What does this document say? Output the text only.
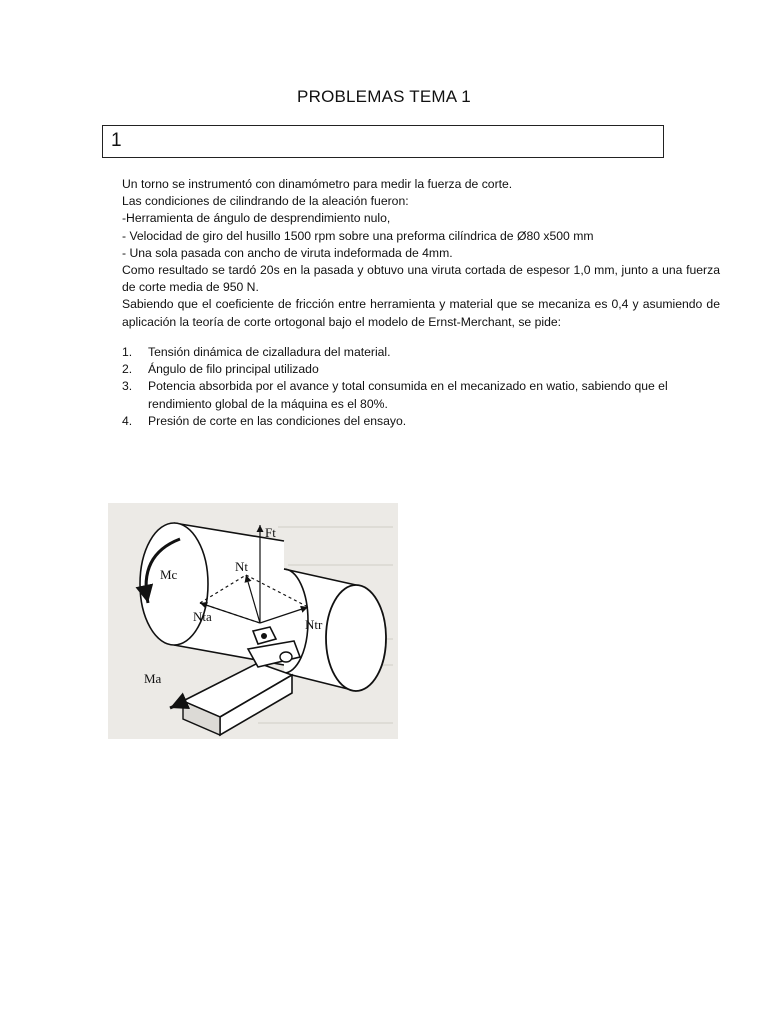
PROBLEMAS TEMA 1
1

Un torno se instrumentó con dinamómetro para medir la fuerza de corte.

Las condiciones de cilindrando de la aleación fueron:

-Herramienta de ángulo de desprendimiento nulo,

- Velocidad de giro del husillo 1500 rpm sobre una preforma cilíndrica de Ø80 x500 mm

- Una sola pasada con ancho de viruta indeformada de 4mm.

Como resultado se tardó 20s en la pasada y obtuvo una viruta cortada de espesor 1,0 mm, junto a una fuerza de corte media de 950 N.

Sabiendo que el coeficiente de fricción entre herramienta y material que se mecaniza es 0,4 y asumiendo de aplicación la teoría de corte ortogonal bajo el modelo de Ernst-Merchant, se pide:

1.	Tensión dinámica de cizalladura del material.
2.	Ángulo de filo principal utilizado
3.	Potencia absorbida por el avance y total consumida en el mecanizado en watio, sabiendo que el rendimiento global de la máquina es el 80%.
4.	Presión de corte en las condiciones del ensayo.
Ft
Nt
Mc
Nta
Ntr
Ma
